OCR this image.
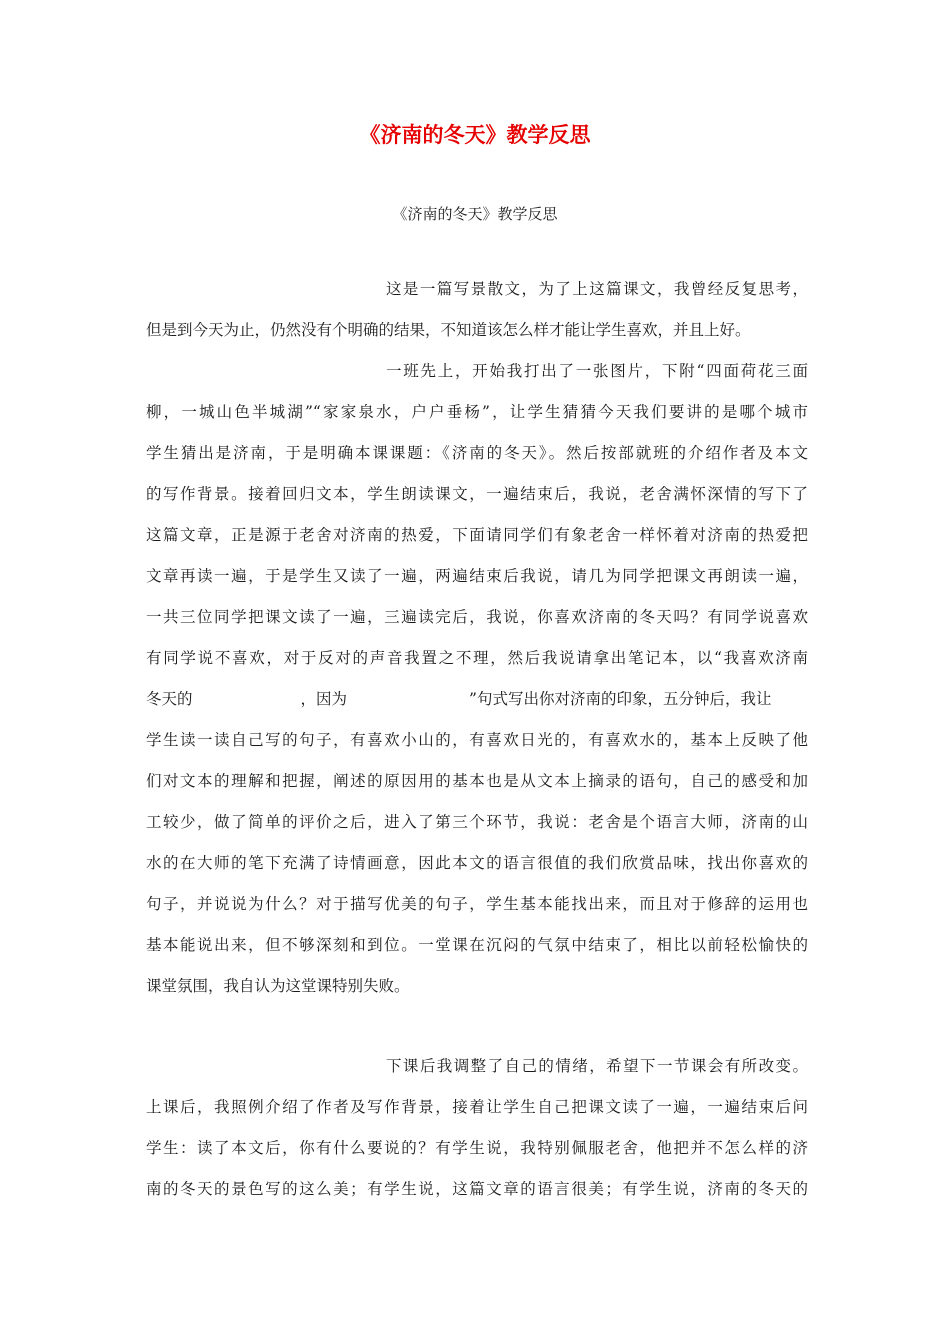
《济南的冬天》教学反思
《济南的冬天》教学反思
这是一篇写景散文，为了上这篇课文，我曾经反复思考，
但是到今天为止，仍然没有个明确的结果，不知道该怎么样才能让学生喜欢，并且上好。
一班先上，开始我打出了一张图片，下附“四面荷花三面
柳，一城山色半城湖”“家家泉水，户户垂杨”，让学生猜猜今天我们要讲的是哪个城市
学生猜出是济南，于是明确本课课题：《济南的冬天》。然后按部就班的介绍作者及本文
的写作背景。接着回归文本，学生朗读课文，一遍结束后，我说，老舍满怀深情的写下了
这篇文章，正是源于老舍对济南的热爱，下面请同学们有象老舍一样怀着对济南的热爱把
文章再读一遍，于是学生又读了一遍，两遍结束后我说，请几为同学把课文再朗读一遍，
一共三位同学把课文读了一遍，三遍读完后，我说，你喜欢济南的冬天吗？有同学说喜欢
有同学说不喜欢，对于反对的声音我置之不理，然后我说请拿出笔记本，以“我喜欢济南
冬天的	，因为	”句式写出你对济南的印象，五分钟后，我让
学生读一读自己写的句子，有喜欢小山的，有喜欢日光的，有喜欢水的，基本上反映了他
们对文本的理解和把握，阐述的原因用的基本也是从文本上摘录的语句，自己的感受和加
工较少，做了简单的评价之后，进入了第三个环节，我说：老舍是个语言大师，济南的山
水的在大师的笔下充满了诗情画意，因此本文的语言很值的我们欣赏品味，找出你喜欢的
句子，并说说为什么？对于描写优美的句子，学生基本能找出来，而且对于修辞的运用也
基本能说出来，但不够深刻和到位。一堂课在沉闷的气氛中结束了，相比以前轻松愉快的
课堂氛围，我自认为这堂课特别失败。
下课后我调整了自己的情绪，希望下一节课会有所改变。
上课后，我照例介绍了作者及写作背景，接着让学生自己把课文读了一遍，一遍结束后问
学生：读了本文后，你有什么要说的？有学生说，我特别佩服老舍，他把并不怎么样的济
南的冬天的景色写的这么美；有学生说，这篇文章的语言很美；有学生说，济南的冬天的
